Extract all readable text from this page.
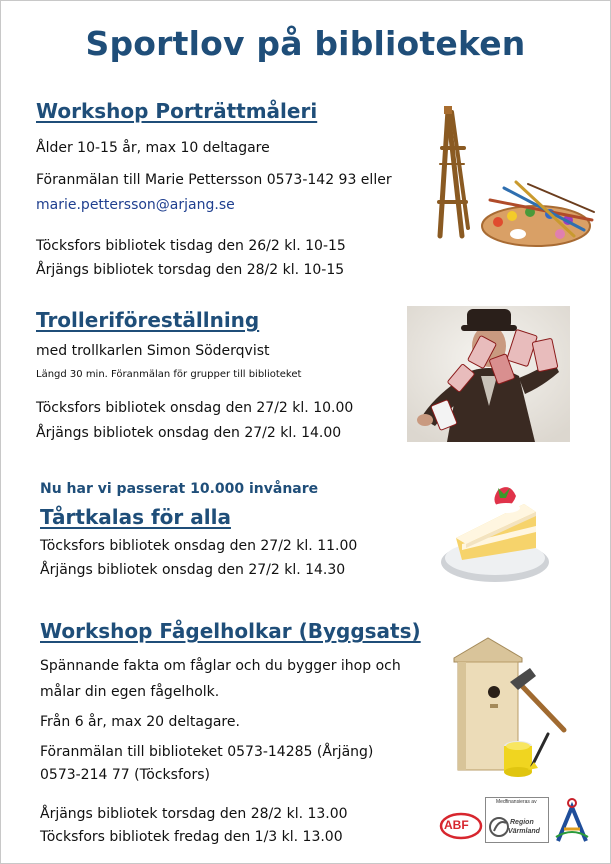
Sportlov på biblioteken
Workshop Porträttmåleri
Ålder 10-15 år, max 10 deltagare
Föranmälan till Marie Pettersson 0573-142 93 eller
marie.pettersson@arjang.se
Töcksfors bibliotek tisdag den 26/2 kl. 10-15
Årjängs bibliotek torsdag den 28/2 kl. 10-15
Trolleriföreställning
med trollkarlen Simon Söderqvist
Längd 30 min. Föranmälan för grupper till biblioteket
Töcksfors bibliotek onsdag den 27/2 kl. 10.00
Årjängs bibliotek onsdag den 27/2 kl. 14.00
Nu har vi passerat 10.000 invånare
Tårtkalas för alla
Töcksfors bibliotek onsdag den 27/2 kl. 11.00
Årjängs bibliotek onsdag den 27/2 kl. 14.30
Workshop Fågelholkar (Byggsats)
Spännande fakta om fåglar och du bygger ihop och
målar din egen fågelholk.
Från 6 år, max 20 deltagare.
Föranmälan till biblioteket 0573-14285 (Årjäng)
0573-214 77 (Töcksfors)
Årjängs bibliotek torsdag den 28/2 kl. 13.00
Töcksfors bibliotek fredag den 1/3 kl. 13.00
ABF
Medfinansieras av
Region
Värmland
